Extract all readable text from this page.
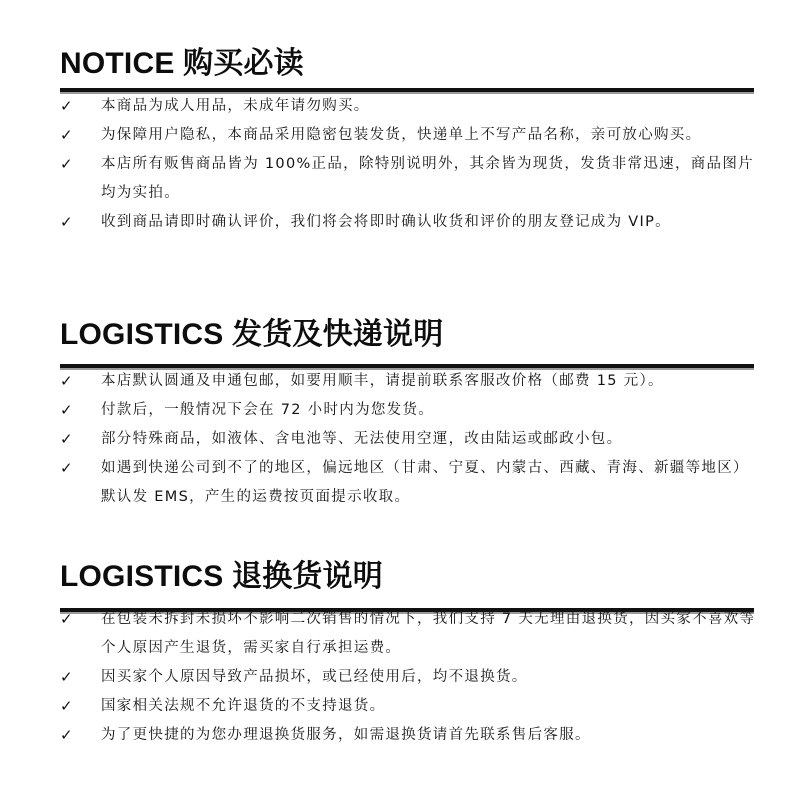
NOTICE 购买必读
✓ 本商品为成人用品，未成年请勿购买。
✓ 为保障用户隐私，本商品采用隐密包装发货，快递单上不写产品名称，亲可放心购买。
✓ 本店所有贩售商品皆为 100%正品，除特别说明外，其余皆为现货，发货非常迅速，商品图片均为实拍。
✓ 收到商品请即时确认评价，我们将会将即时确认收货和评价的朋友登记成为 VIP。
LOGISTICS 发货及快递说明
✓ 本店默认圆通及申通包邮，如要用顺丰，请提前联系客服改价格（邮费 15 元）。
✓ 付款后，一般情况下会在 72 小时内为您发货。
✓ 部分特殊商品，如液体、含电池等、无法使用空運，改由陆运或邮政小包。
✓ 如遇到快递公司到不了的地区，偏远地区（甘肃、宁夏、内蒙古、西藏、青海、新疆等地区）默认发 EMS，产生的运费按页面提示收取。
LOGISTICS 退换货说明
✓ 在包装未拆封未损坏不影响二次销售的情况下，我们支持 7 天无理由退换货，因买家不喜欢等个人原因产生退货，需买家自行承担运费。
✓ 因买家个人原因导致产品损坏，或已经使用后，均不退换货。
✓ 国家相关法规不允许退货的不支持退货。
✓ 为了更快捷的为您办理退换货服务，如需退换货请首先联系售后客服。
